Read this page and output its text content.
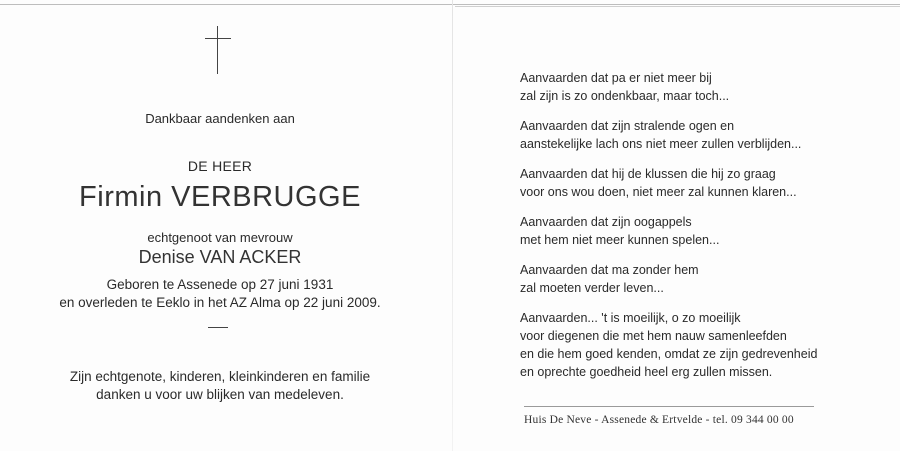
Dankbaar aandenken aan
DE HEER
Firmin VERBRUGGE
echtgenoot van mevrouw
Denise VAN ACKER
Geboren te Assenede op 27 juni 1931
en overleden te Eeklo in het AZ Alma op 22 juni 2009.
Zijn echtgenote, kinderen, kleinkinderen en familie
danken u voor uw blijken van medeleven.
Aanvaarden dat pa er niet meer bij
zal zijn is zo ondenkbaar, maar toch...
Aanvaarden dat zijn stralende ogen en
aanstekelijke lach ons niet meer zullen verblijden...
Aanvaarden dat hij de klussen die hij zo graag
voor ons wou doen, niet meer zal kunnen klaren...
Aanvaarden dat zijn oogappels
met hem niet meer kunnen spelen...
Aanvaarden dat ma zonder hem
zal moeten verder leven...
Aanvaarden... 't is moeilijk, o zo moeilijk
voor diegenen die met hem nauw samenleefden
en die hem goed kenden, omdat ze zijn gedrevenheid
en oprechte goedheid heel erg zullen missen.
Huis De Neve - Assenede & Ertvelde - tel. 09 344 00 00
